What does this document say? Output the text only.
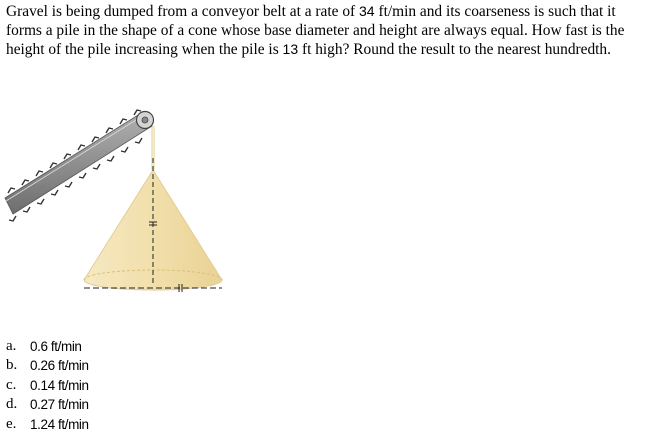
Gravel is being dumped from a conveyor belt at a rate of 34 ft/min and its coarseness is such that it forms a pile in the shape of a cone whose base diameter and height are always equal. How fast is the height of the pile increasing when the pile is 13 ft high? Round the result to the nearest hundredth.
a.	0.6 ft/min
b. 0.26 ft/min
c.	0.14 ft/min
d. 0.27 ft/min
e.	1.24 ft/min
